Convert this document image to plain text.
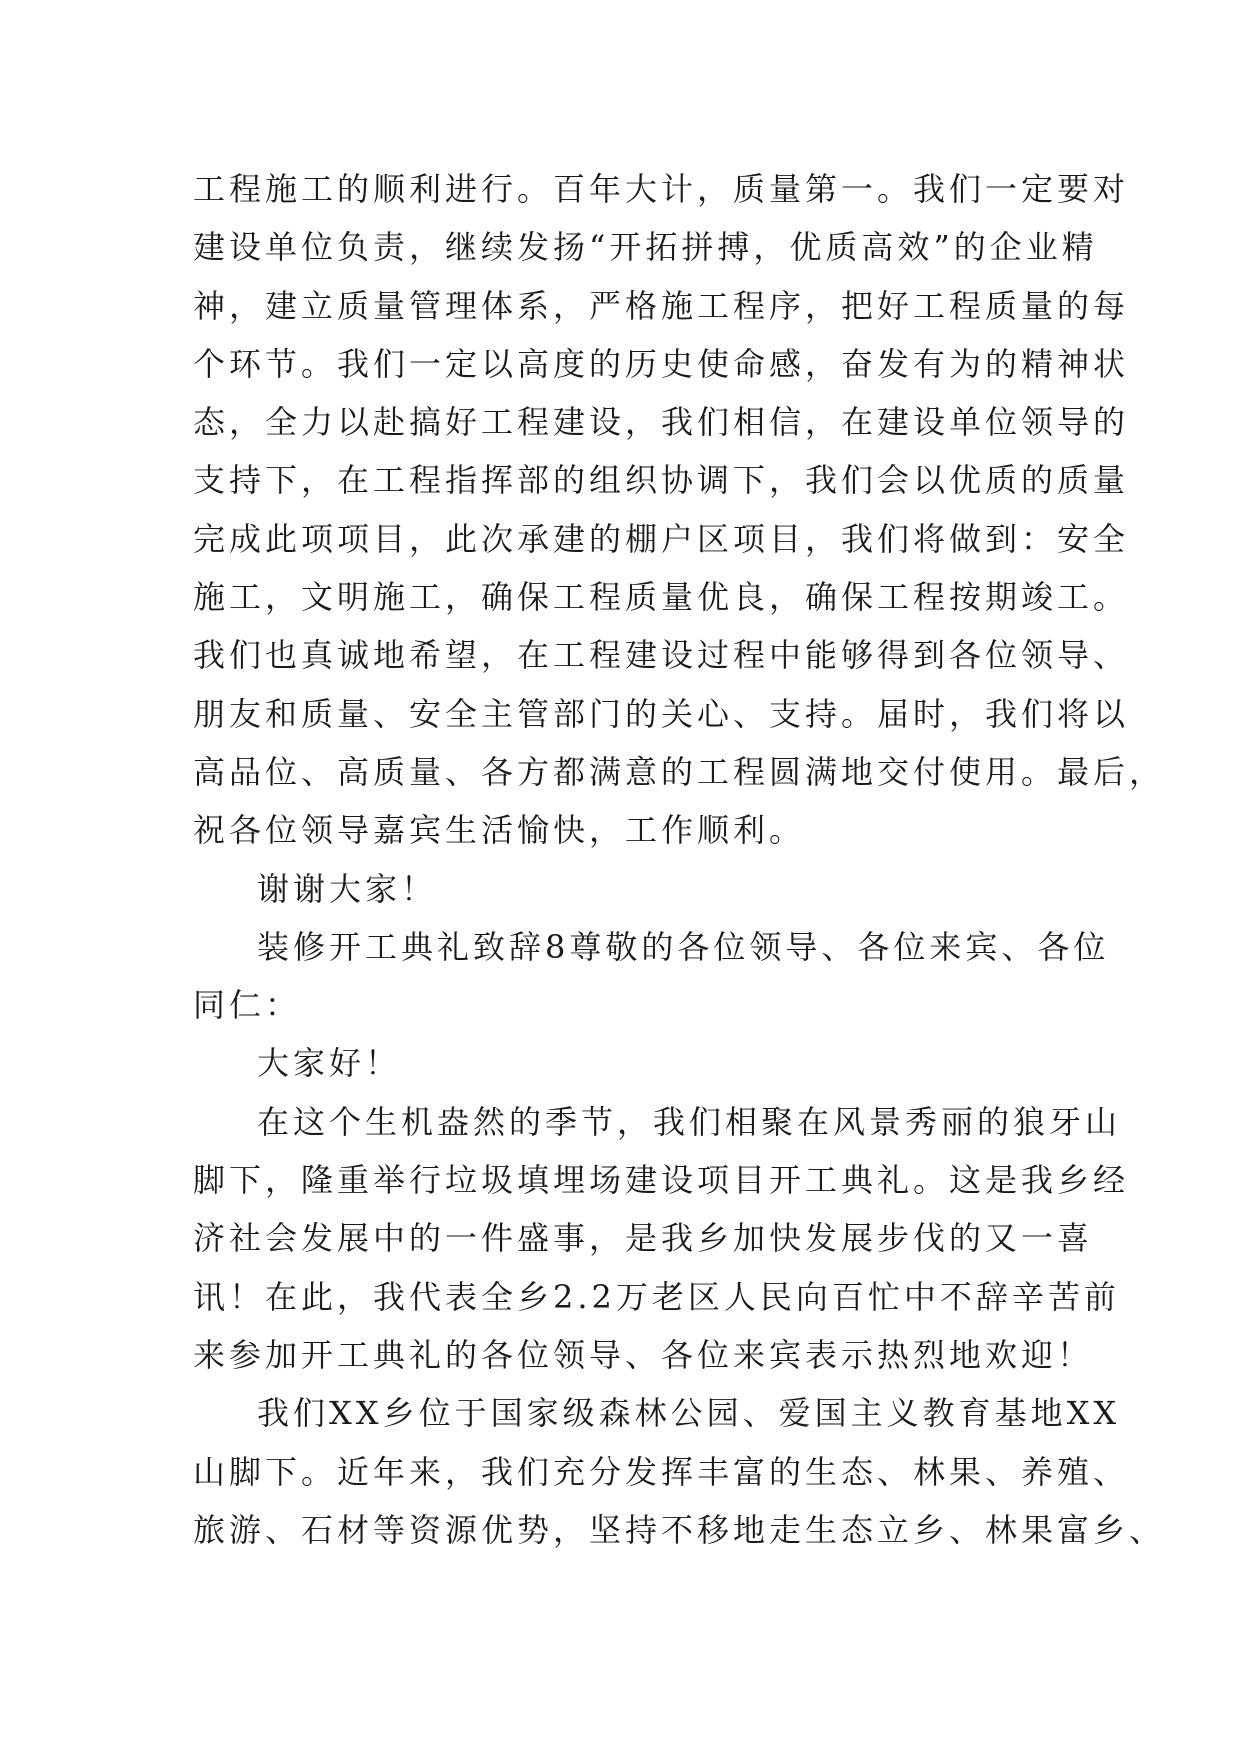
工程施工的顺利进行。百年大计，质量第一。我们一定要对
建设单位负责，继续发扬“开拓拼搏，优质高效”的企业精
神，建立质量管理体系，严格施工程序，把好工程质量的每
个环节。我们一定以高度的历史使命感，奋发有为的精神状
态，全力以赴搞好工程建设，我们相信，在建设单位领导的
支持下，在工程指挥部的组织协调下，我们会以优质的质量
完成此项项目，此次承建的棚户区项目，我们将做到：安全
施工，文明施工，确保工程质量优良，确保工程按期竣工。
我们也真诚地希望，在工程建设过程中能够得到各位领导、
朋友和质量、安全主管部门的关心、支持。届时，我们将以
高品位、高质量、各方都满意的工程圆满地交付使用。最后，
祝各位领导嘉宾生活愉快，工作顺利。
谢谢大家！
装修开工典礼致辞8尊敬的各位领导、各位来宾、各位
同仁：
大家好！
在这个生机盎然的季节，我们相聚在风景秀丽的狼牙山
脚下，隆重举行垃圾填埋场建设项目开工典礼。这是我乡经
济社会发展中的一件盛事，是我乡加快发展步伐的又一喜
讯！在此，我代表全乡2.2万老区人民向百忙中不辞辛苦前
来参加开工典礼的各位领导、各位来宾表示热烈地欢迎！
我们XX乡位于国家级森林公园、爱国主义教育基地XX
山脚下。近年来，我们充分发挥丰富的生态、林果、养殖、
旅游、石材等资源优势，坚持不移地走生态立乡、林果富乡、
